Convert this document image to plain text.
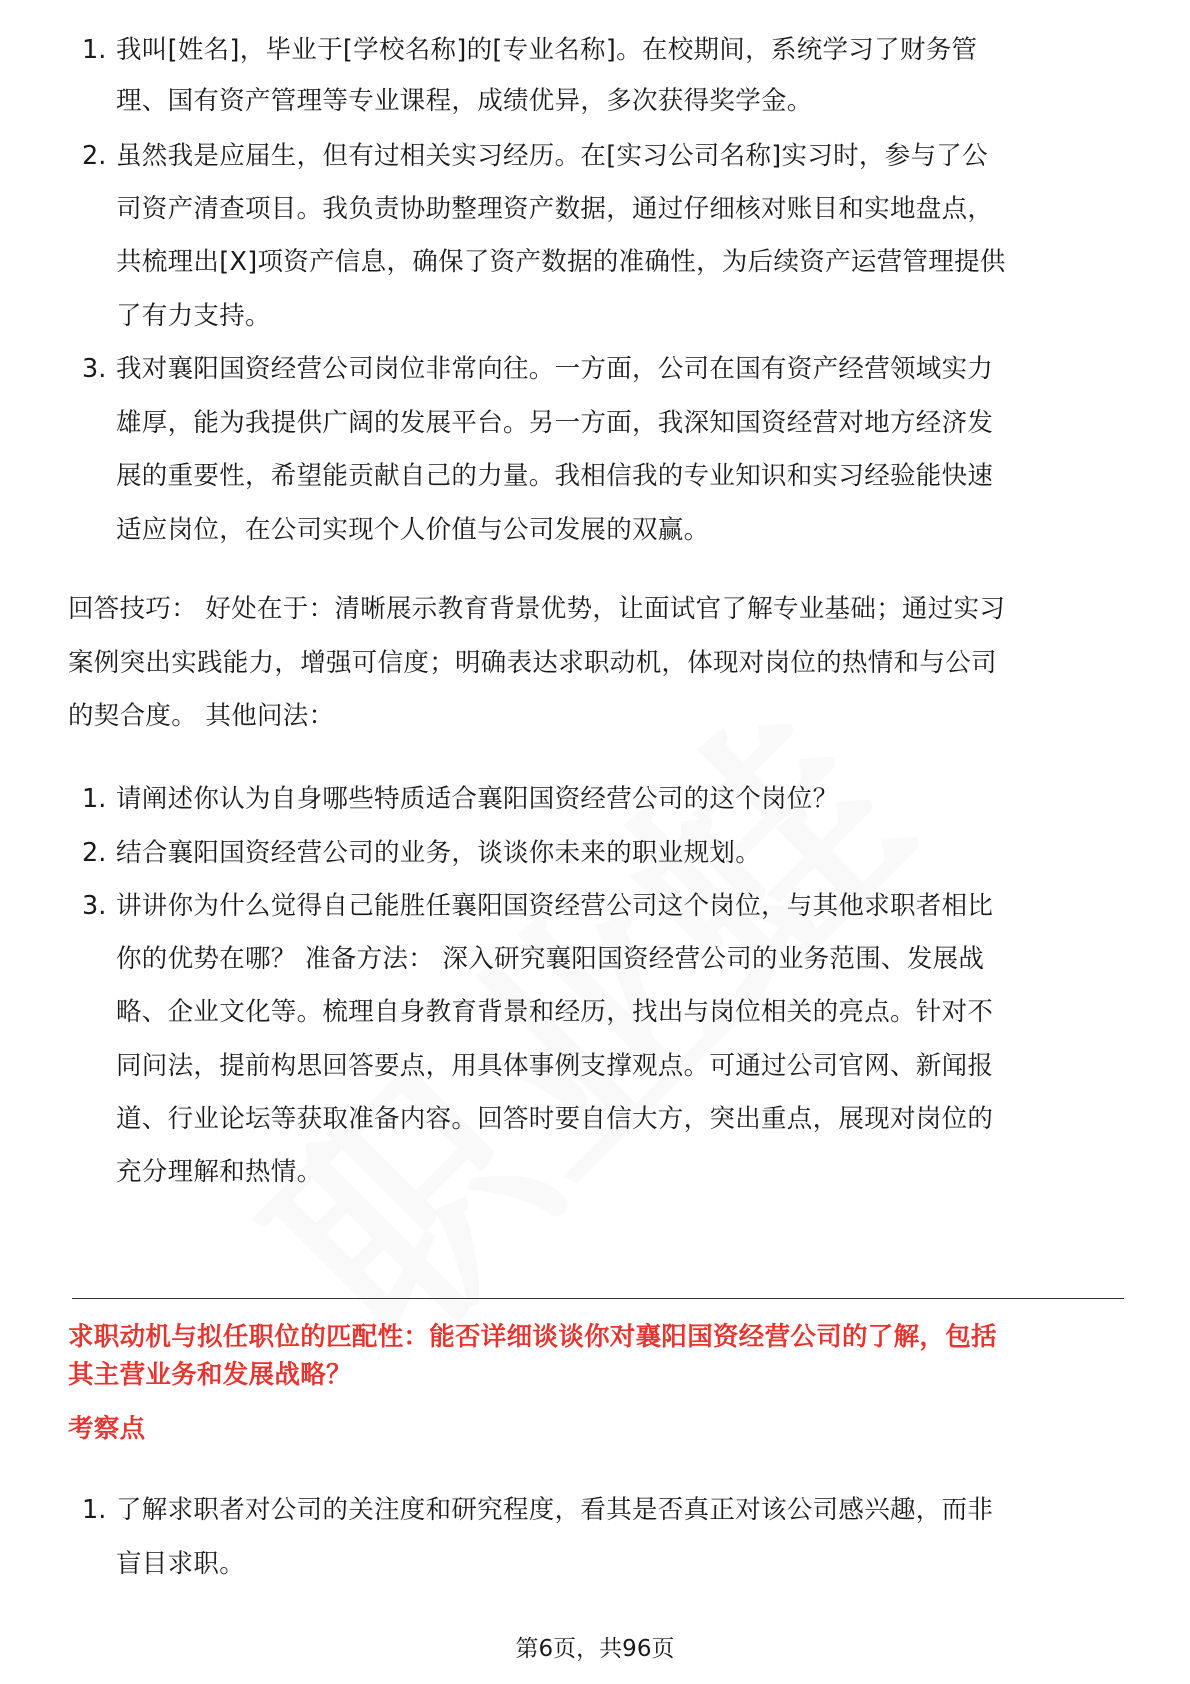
1. 我叫[姓名]，毕业于[学校名称]的[专业名称]。在校期间，系统学习了财务管
理、国有资产管理等专业课程，成绩优异，多次获得奖学金。
2. 虽然我是应届生，但有过相关实习经历。在[实习公司名称]实习时，参与了公
司资产清查项目。我负责协助整理资产数据，通过仔细核对账目和实地盘点，
共梳理出[X]项资产信息，确保了资产数据的准确性，为后续资产运营管理提供
了有力支持。
3. 我对襄阳国资经营公司岗位非常向往。一方面，公司在国有资产经营领域实力
雄厚，能为我提供广阔的发展平台。另一方面，我深知国资经营对地方经济发
展的重要性，希望能贡献自己的力量。我相信我的专业知识和实习经验能快速
适应岗位，在公司实现个人价值与公司发展的双赢。
回答技巧： 好处在于：清晰展示教育背景优势，让面试官了解专业基础；通过实习
案例突出实践能力，增强可信度；明确表达求职动机，体现对岗位的热情和与公司
的契合度。 其他问法：
1. 请阐述你认为自身哪些特质适合襄阳国资经营公司的这个岗位？
2. 结合襄阳国资经营公司的业务，谈谈你未来的职业规划。
3. 讲讲你为什么觉得自己能胜任襄阳国资经营公司这个岗位，与其他求职者相比
你的优势在哪？ 准备方法： 深入研究襄阳国资经营公司的业务范围、发展战
略、企业文化等。梳理自身教育背景和经历，找出与岗位相关的亮点。针对不
同问法，提前构思回答要点，用具体事例支撑观点。可通过公司官网、新闻报
道、行业论坛等获取准备内容。回答时要自信大方，突出重点，展现对岗位的
充分理解和热情。
求职动机与拟任职位的匹配性：能否详细谈谈你对襄阳国资经营公司的了解，包括
其主营业务和发展战略？
考察点
1. 了解求职者对公司的关注度和研究程度，看其是否真正对该公司感兴趣，而非
盲目求职。
第6页，共96页
